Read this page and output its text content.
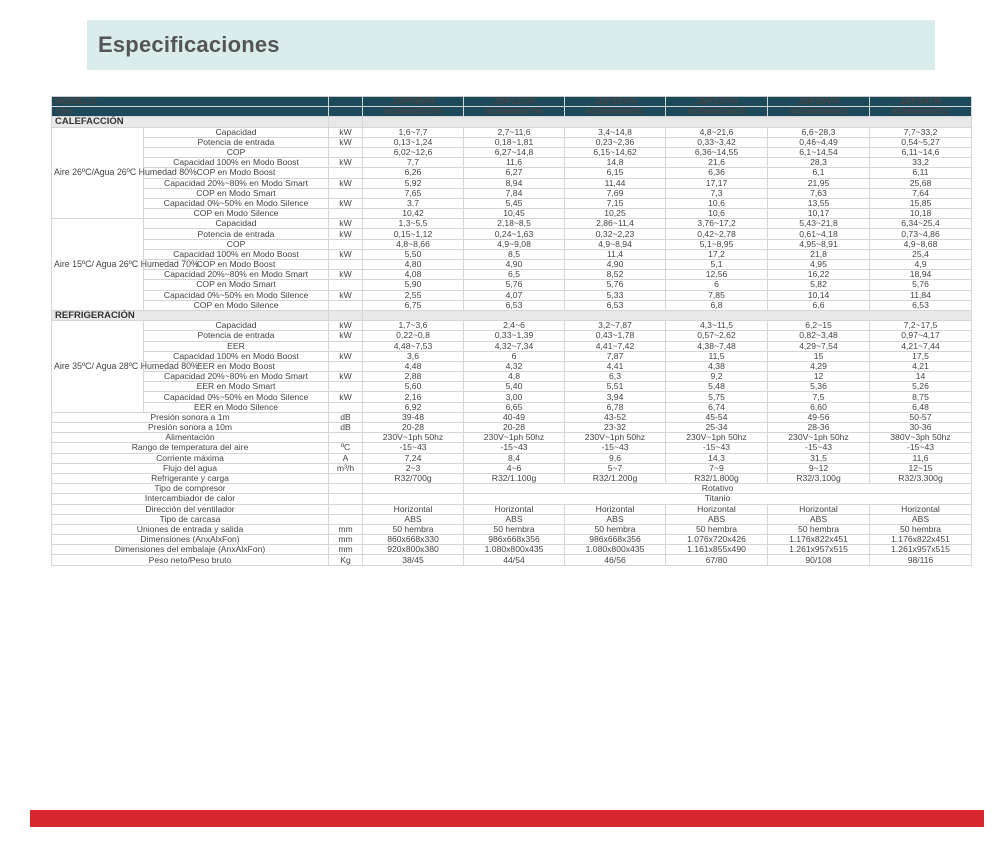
Especificaciones
MODELO			JSP08VN	JSP12VN	JSP15VN	JSP23VN	JSP29VN	JSP34YN
EAN			8435666506788	8435666506795	8435666506801	8435666506818	8435666506825	8435666506832
CALEFACCIÓN								
Aire 26ºC/Agua 26ºC Humedad 80%	Capacidad	kW	1,6~7,7	2,7~11,6	3,4~14,8	4,8~21,6	6,6~28,3	7,7~33,2
	Potencia de entrada	kW	0,13~1,24	0,18~1,81	0,23~2,36	0,33~3,42	0,46~4,49	0,54~5,27
	COP		6,02~12,6	6,27~14,8	6,15~14,62	6,36~14,55	6,1~14,54	6,11~14,6
	Capacidad 100% en Modo Boost	kW	7,7	11,6	14,8	21,6	28,3	33,2
	COP en Modo Boost		6,26	6,27	6,15	6,36	6,1	6,11
	Capacidad 20%~80% en Modo Smart	kW	5,92	8,94	11,44	17,17	21,95	25,68
	COP en Modo Smart		7,65	7,84	7,69	7,3	7,63	7,64
	Capacidad 0%~50% en Modo Silence	kW	3,7	5,45	7,15	10,6	13,55	15,85
	COP en Modo Silence		10,42	10,45	10,25	10,6	10,17	10,18
Aire 15ºC/ Agua 26ºC Humedad 70%	Capacidad	kW	1,3~5,5	2,18~8,5	2,86~11,4	3,76~17,2	5,43~21,8	6,34~25,4
	Potencia de entrada	kW	0,15~1,12	0,24~1,63	0,32~2,23	0,42~2,78	0,61~4,18	0,73~4,86
	COP		4,8~8,66	4,9~9,08	4,9~8,94	5,1~8,95	4,95~8,91	4,9~8,68
	Capacidad 100% en Modo Boost	kW	5,50	8,5	11,4	17,2	21,8	25,4
	COP en Modo Boost		4,80	4,90	4,90	5,1	4,95	4,9
	Capacidad 20%~80% en Modo Smart	kW	4,08	6,5	8,52	12,56	16,22	18,94
	COP en Modo Smart		5,90	5,76	5,76	6	5,82	5,76
	Capacidad 0%~50% en Modo Silence	kW	2,55	4,07	5,33	7,85	10,14	11,84
	COP en Modo Silence		6,75	6,53	6,53	6,8	6,6	6,53
REFRIGERACIÓN								
Aire 35ºC/ Agua 28ºC Humedad 80%	Capacidad	kW	1,7~3,6	2,4~6	3,2~7,87	4,3~11,5	6,2~15	7,2~17,5
	Potencia de entrada	kW	0,22~0,8	0,33~1,39	0,43~1,78	0,57~2,62	0,82~3,48	0,97~4,17
	EER		4,48~7,53	4,32~7,34	4,41~7,42	4,38~7,48	4,29~7,54	4,21~7,44
	Capacidad 100% en Modo Boost	kW	3,6	6	7,87	11,5	15	17,5
	EER en Modo Boost		4,48	4,32	4,41	4,38	4,29	4,21
	Capacidad 20%~80% en Modo Smart	kW	2,88	4,8	6,3	9,2	12	14
	EER en Modo Smart		5,60	5,40	5,51	5,48	5,36	5,26
	Capacidad 0%~50% en Modo Silence	kW	2,16	3,00	3,94	5,75	7,5	8,75
	EER en Modo Silence		6,92	6,65	6,78	6,74	6,60	6,48
Presión sonora a 1m		dB	39-48	40-49	43-52	45-54	49-56	50-57
Presión sonora a 10m		dB	20-28	20-28	23-32	25-34	28-36	30-36
Alimentación			230V~1ph 50hz	230V~1ph 50hz	230V~1ph 50hz	230V~1ph 50hz	230V~1ph 50hz	380V~3ph 50hz
Rango de temperatura del aire		ºC	-15~43	-15~43	-15~43	-15~43	-15~43	-15~43
Corriente máxima		A	7,24	8,4	9,6	14,3	31,5	11,6
Flujo del agua		m³/h	2~3	4~6	5~7	7~9	9~12	12~15
Refrigerante y carga			R32/700g	R32/1.100g	R32/1.200g	R32/1.800g	R32/3.100g	R32/3.300g
Tipo de compresor				Rotativo				
Intercambiador de calor				Titanio				
Dirección del ventilador			Horizontal	Horizontal	Horizontal	Horizontal	Horizontal	Horizontal
Tipo de carcasa			ABS	ABS	ABS	ABS	ABS	ABS
Uniones de entrada y salida		mm	50 hembra	50 hembra	50 hembra	50 hembra	50 hembra	50 hembra
Dimensiones (AnxAlxFon)		mm	860x668x330	986x668x356	986x668x356	1.076x720x426	1.176x822x451	1.176x822x451
Dimensiones del embalaje (AnxAlxFon)		mm	920x800x380	1.080x800x435	1.080x800x435	1.161x855x490	1.261x957x515	1.261x957x515
Peso neto/Peso bruto		Kg	38/45	44/54	46/56	67/80	90/108	98/116
